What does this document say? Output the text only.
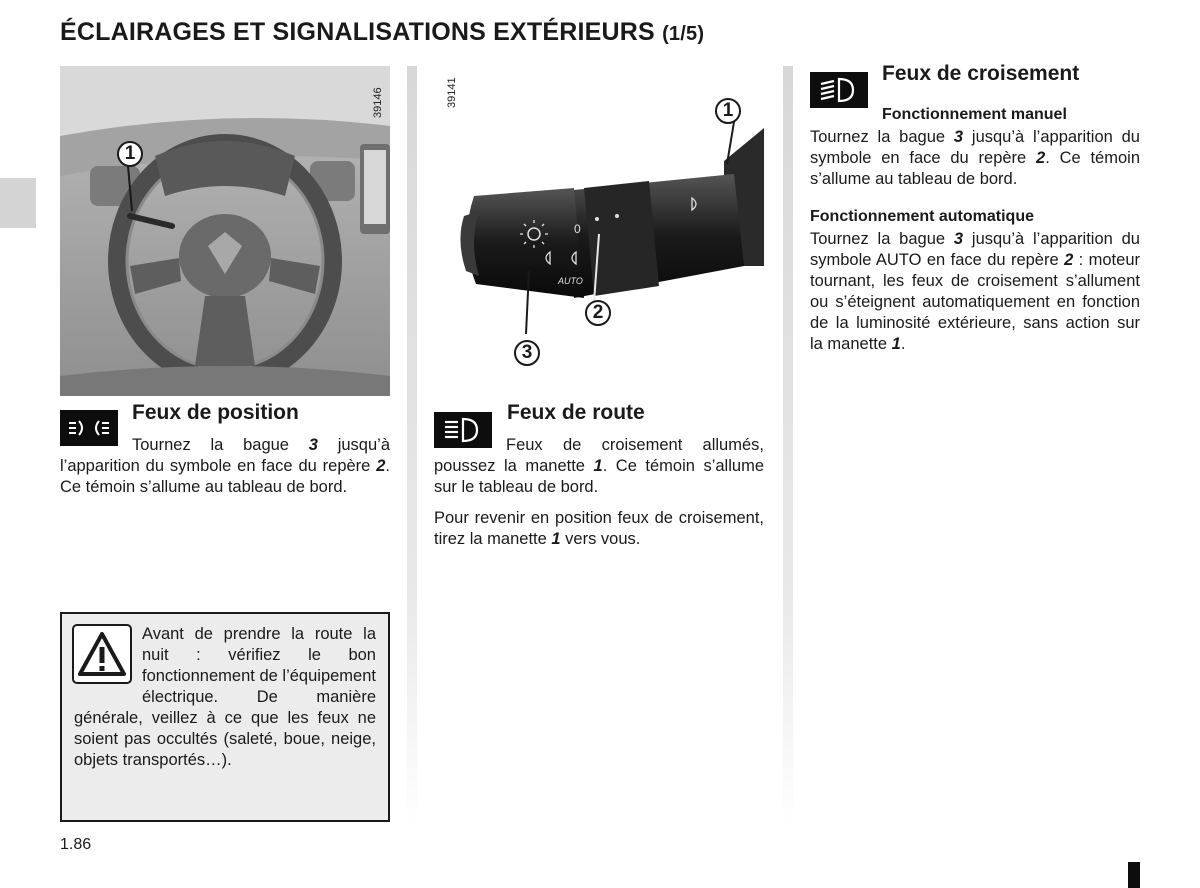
ÉCLAIRAGES ET SIGNALISATIONS EXTÉRIEURS (1/5)
39146
1
0
AUTO
39141
1
2
3
Feux de position

Tournez la bague 3 jusqu’à l’apparition du symbole en face du repère 2. Ce témoin s’allume au tableau de bord.

Feux de route

Feux de croisement allumés, poussez la manette 1. Ce témoin s’allume sur le tableau de bord.

Pour revenir en position feux de croisement, tirez la manette 1 vers vous.

Feux de croisement

Fonctionnement manuel

Tournez la bague 3 jusqu’à l’apparition du symbole en face du repère 2. Ce témoin s’allume au tableau de bord.

Fonctionnement automatique

Tournez la bague 3 jusqu’à l’apparition du symbole AUTO en face du repère 2 : moteur tournant, les feux de croisement s’allument ou s’éteignent automatiquement en fonction de la luminosité extérieure, sans action sur la manette 1.

Avant de prendre la route la nuit : vérifiez le bon fonctionnement de l’équipement électrique. De manière générale, veillez à ce que les feux ne soient pas occultés (saleté, boue, neige, objets transportés…).

1.86
